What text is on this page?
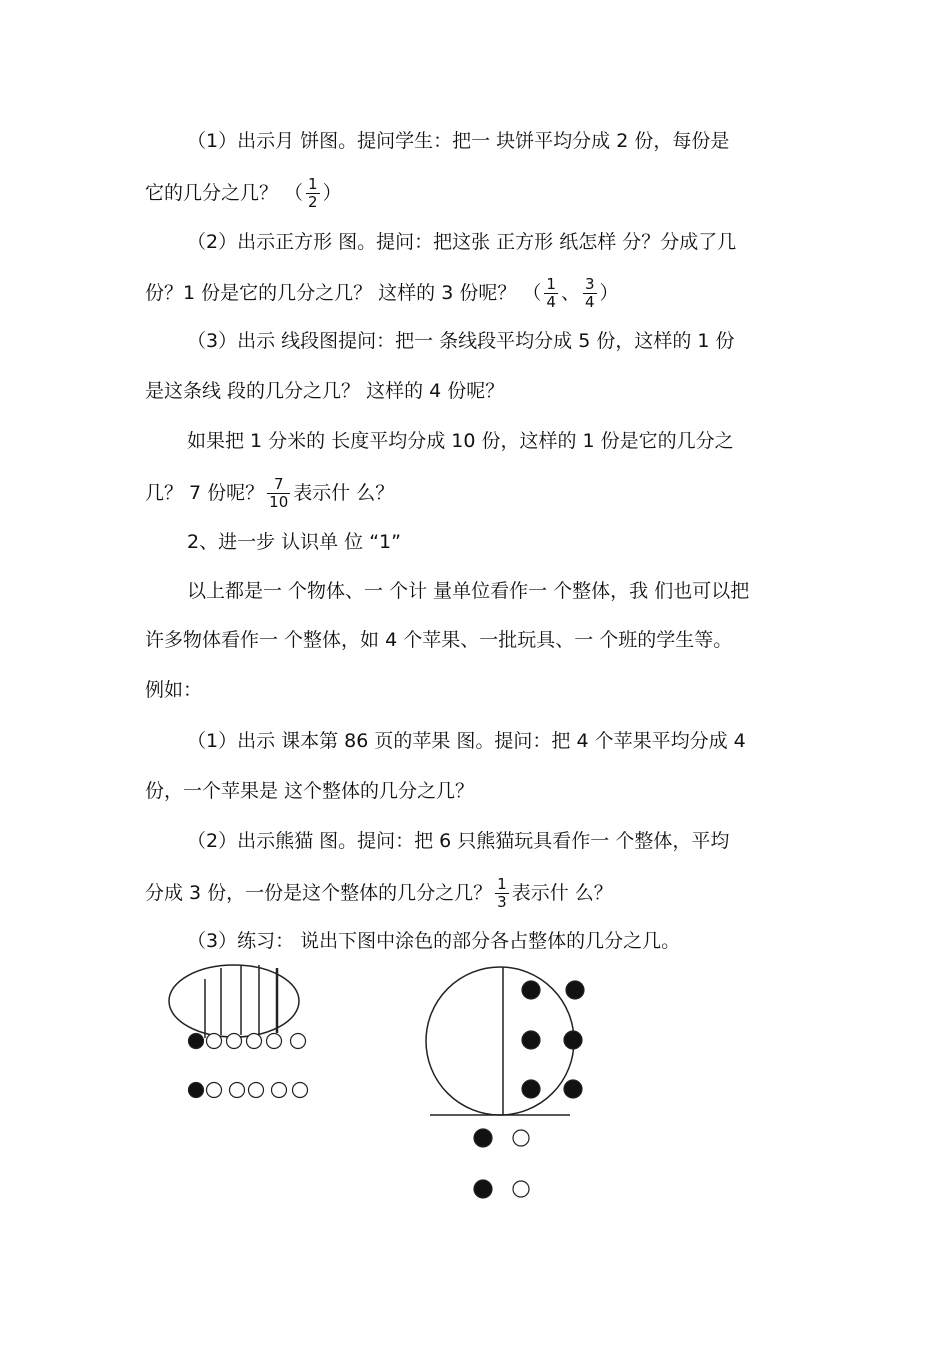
（1）出示月 饼图。提问学生：把一 块饼平均分成 2 份，每份是
它的几分之几？ （ $\frac{1}{2}$ ）
（2）出示正方形 图。提问：把这张 正方形 纸怎样 分？分成了几
份？1 份是它的几分之几？ 这样的 3 份呢？ （ $\frac{1}{4}$ 、 $\frac{3}{4}$ ）
（3）出示 线段图提问：把一 条线段平均分成 5 份，这样的 1 份
是这条线 段的几分之几？ 这样的 4 份呢？
如果把 1 分米的 长度平均分成 10 份，这样的 1 份是它的几分之
几？ 7 份呢？ $\frac{7}{10}$ 表示什 么？
2、进一步 认识单 位 “1”
以上都是一 个物体、一 个计 量单位看作一 个整体，我 们也可以把
许多物体看作一 个整体，如 4 个苹果、一批玩具、一 个班的学生等。
例如：
（1）出示 课本第 86 页的苹果 图。提问：把 4 个苹果平均分成 4
份，一个苹果是 这个整体的几分之几？
（2）出示熊猫 图。提问：把 6 只熊猫玩具看作一 个整体，平均
分成 3 份，一份是这个整体的几分之几？ $\frac{1}{3}$ 表示什 么？
（3）练习： 说出下图中涂色的部分各占整体的几分之几。
